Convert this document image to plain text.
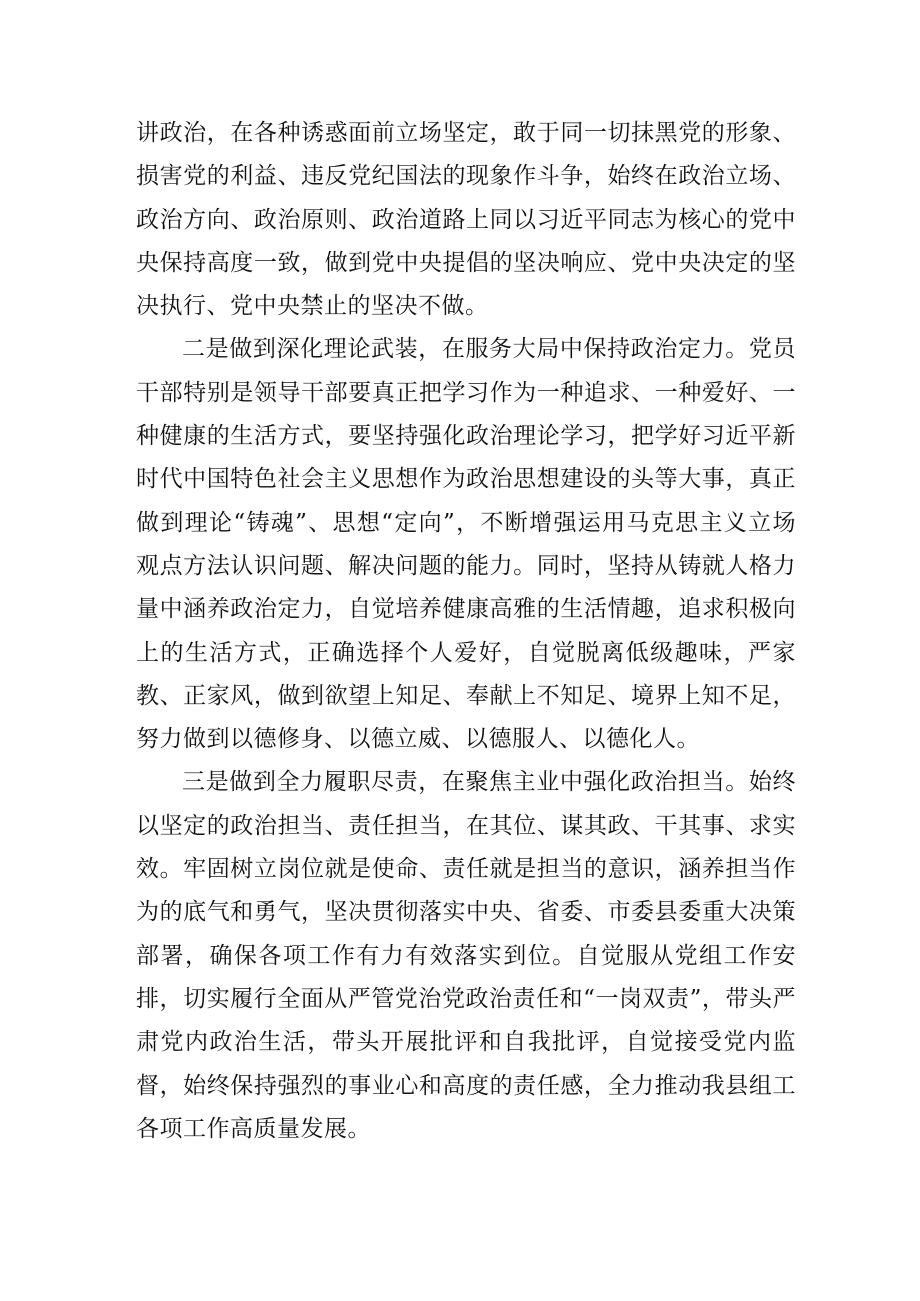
讲政治，在各种诱惑面前立场坚定，敢于同一切抹黑党的形象、损害党的利益、违反党纪国法的现象作斗争，始终在政治立场、政治方向、政治原则、政治道路上同以习近平同志为核心的党中央保持高度一致，做到党中央提倡的坚决响应、党中央决定的坚决执行、党中央禁止的坚决不做。

二是做到深化理论武装，在服务大局中保持政治定力。党员干部特别是领导干部要真正把学习作为一种追求、一种爱好、一种健康的生活方式，要坚持强化政治理论学习，把学好习近平新时代中国特色社会主义思想作为政治思想建设的头等大事，真正做到理论“铸魂”、思想“定向”，不断增强运用马克思主义立场观点方法认识问题、解决问题的能力。同时，坚持从铸就人格力量中涵养政治定力，自觉培养健康高雅的生活情趣，追求积极向上的生活方式，正确选择个人爱好，自觉脱离低级趣味，严家教、正家风，做到欲望上知足、奉献上不知足、境界上知不足，努力做到以德修身、以德立威、以德服人、以德化人。

三是做到全力履职尽责，在聚焦主业中强化政治担当。始终以坚定的政治担当、责任担当，在其位、谋其政、干其事、求实效。牢固树立岗位就是使命、责任就是担当的意识，涵养担当作为的底气和勇气，坚决贯彻落实中央、省委、市委县委重大决策部署，确保各项工作有力有效落实到位。自觉服从党组工作安排，切实履行全面从严管党治党政治责任和“一岗双责”，带头严肃党内政治生活，带头开展批评和自我批评，自觉接受党内监督，始终保持强烈的事业心和高度的责任感，全力推动我县组工各项工作高质量发展。
